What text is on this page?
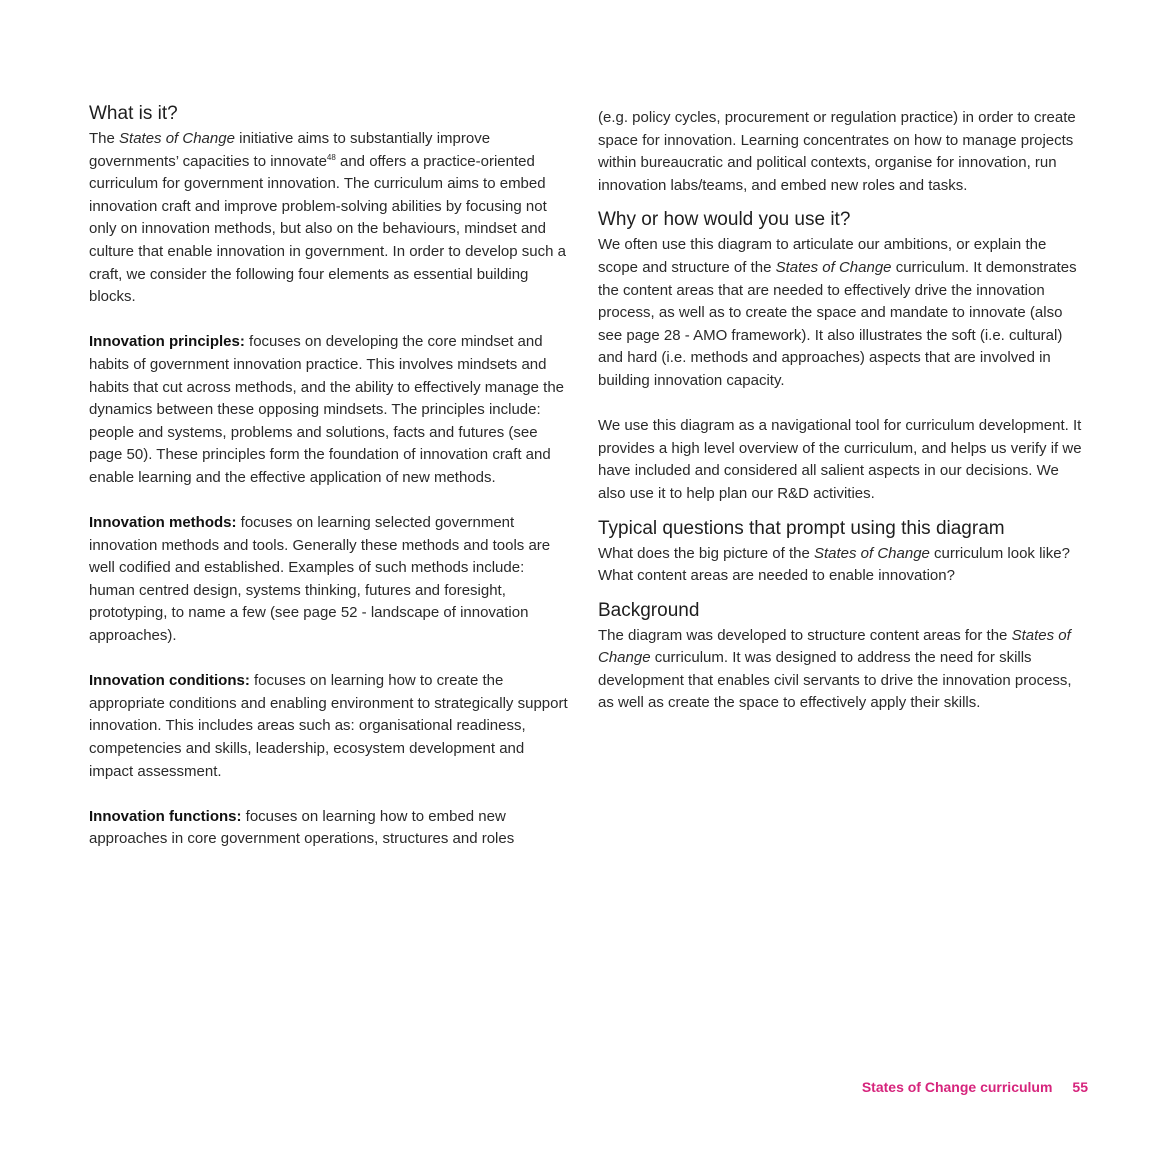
What is it?

The States of Change initiative aims to substantially improve governments’ capacities to innovate$^{48}$ and offers a practice-oriented curriculum for government innovation. The curriculum aims to embed innovation craft and improve problem-solving abilities by focusing not only on innovation methods, but also on the behaviours, mindset and culture that enable innovation in government. In order to develop such a craft, we consider the following four elements as essential building blocks.

Innovation principles: focuses on developing the core mindset and habits of government innovation practice. This involves mindsets and habits that cut across methods, and the ability to effectively manage the dynamics between these opposing mindsets. The principles include: people and systems, problems and solutions, facts and futures (see page 50). These principles form the foundation of innovation craft and enable learning and the effective application of new methods.

Innovation methods: focuses on learning selected government innovation methods and tools. Generally these methods and tools are well codified and established. Examples of such methods include: human centred design, systems thinking, futures and foresight, prototyping, to name a few (see page 52 - landscape of innovation approaches).

Innovation conditions: focuses on learning how to create the appropriate conditions and enabling environment to strategically support innovation. This includes areas such as: organisational readiness, competencies and skills, leadership, ecosystem development and impact assessment.

Innovation functions: focuses on learning how to embed new approaches in core government operations, structures and roles

(e.g. policy cycles, procurement or regulation practice) in order to create space for innovation. Learning concentrates on how to manage projects within bureaucratic and political contexts, organise for innovation, run innovation labs/teams, and embed new roles and tasks.

Why or how would you use it?

We often use this diagram to articulate our ambitions, or explain the scope and structure of the States of Change curriculum. It demonstrates the content areas that are needed to effectively drive the innovation process, as well as to create the space and mandate to innovate (also see page 28 - AMO framework). It also illustrates the soft (i.e. cultural) and hard (i.e. methods and approaches) aspects that are involved in building innovation capacity.

We use this diagram as a navigational tool for curriculum development. It provides a high level overview of the curriculum, and helps us verify if we have included and considered all salient aspects in our decisions. We also use it to help plan our R&D activities.

Typical questions that prompt using this diagram

What does the big picture of the States of Change curriculum look like? What content areas are needed to enable innovation?

Background

The diagram was developed to structure content areas for the States of Change curriculum. It was designed to address the need for skills development that enables civil servants to drive the innovation process, as well as create the space to effectively apply their skills.

States of Change curriculum 55
